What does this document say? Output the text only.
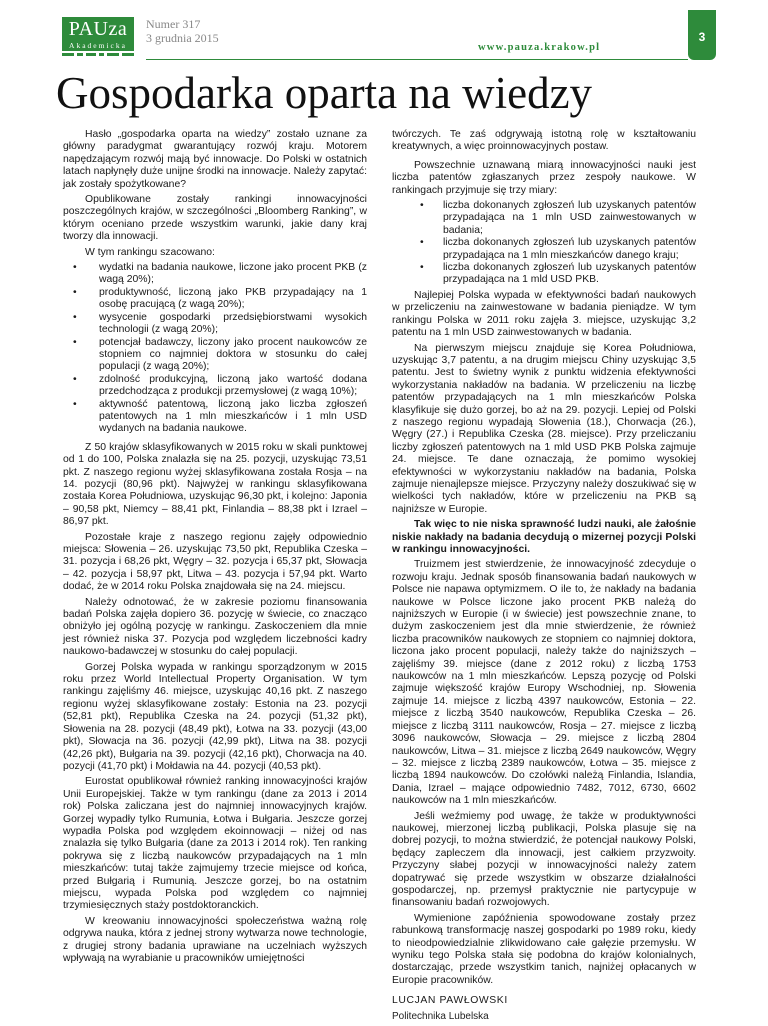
PAUza
Akademicka
Numer 317
3 grudnia 2015
www.pauza.krakow.pl
3
Gospodarka oparta na wiedzy

Hasło „gospodarka oparta na wiedzy” zostało uznane za główny paradygmat gwarantujący rozwój kraju. Motorem napędzającym rozwój mają być innowacje. Do Polski w ostatnich latach napłynęły duże unijne środki na innowacje. Należy zapytać: jak zostały spożytkowane?

Opublikowane zostały rankingi innowacyjności poszczególnych krajów, w szczególności „Bloomberg Ranking”, w którym oceniano przede wszystkim warunki, jakie dany kraj tworzy dla innowacji.

W tym rankingu szacowano:

• wydatki na badania naukowe, liczone jako procent PKB (z wagą 20%);
• produktywność, liczoną jako PKB przypadający na 1 osobę pracującą (z wagą 20%);
• wysycenie gospodarki przedsiębiorstwami wysokich technologii (z wagą 20%);
• potencjał badawczy, liczony jako procent naukowców ze stopniem co najmniej doktora w stosunku do całej populacji (z wagą 20%);
• zdolność produkcyjną, liczoną jako wartość dodana przedchodząca z produkcji przemysłowej (z wagą 10%);
• aktywność patentową, liczoną jako liczba zgłoszeń patentowych na 1 mln mieszkańców i 1 mln USD wydanych na badania naukowe.

Z 50 krajów sklasyfikowanych w 2015 roku w skali punktowej od 1 do 100, Polska znalazła się na 25. pozycji, uzyskując 73,51 pkt. Z naszego regionu wyżej sklasyfikowana została Rosja – na 14. pozycji (80,96 pkt). Najwyżej w rankingu sklasyfikowana została Korea Południowa, uzyskując 96,30 pkt, i kolejno: Japonia – 90,58 pkt, Niemcy – 88,41 pkt, Finlandia – 88,38 pkt i Izrael – 86,97 pkt.

Pozostałe kraje z naszego regionu zajęły odpowiednio miejsca: Słowenia – 26. uzyskując 73,50 pkt, Republika Czeska – 31. pozycja i 68,26 pkt, Węgry – 32. pozycja i 65,37 pkt, Słowacja – 42. pozycja i 58,97 pkt, Litwa – 43. pozycja i 57,94 pkt. Warto dodać, że w 2014 roku Polska znajdowała się na 24. miejscu.

Należy odnotować, że w zakresie poziomu finansowania badań Polska zajęła dopiero 36. pozycję w świecie, co znacząco obniżyło jej ogólną pozycję w rankingu. Zaskoczeniem dla mnie jest również niska 37. Pozycja pod względem liczebności kadry naukowo-badawczej w stosunku do całej populacji.

Gorzej Polska wypada w rankingu sporządzonym w 2015 roku przez World Intellectual Property Organisation. W tym rankingu zajęliśmy 46. miejsce, uzyskując 40,16 pkt. Z naszego regionu wyżej sklasyfikowane zostały: Estonia na 23. pozycji (52,81 pkt), Republika Czeska na 24. pozycji (51,32 pkt), Słowenia na 28. pozycji (48,49 pkt), Łotwa na 33. pozycji (43,00 pkt), Słowacja na 36. pozycji (42,99 pkt), Litwa na 38. pozycji (42,26 pkt), Bułgaria na 39. pozycji (42,16 pkt), Chorwacja na 40. pozycji (41,70 pkt) i Mołdawia na 44. pozycji (40,53 pkt).

Eurostat opublikował również ranking innowacyjności krajów Unii Europejskiej. Także w tym rankingu (dane za 2013 i 2014 rok) Polska zaliczana jest do najmniej innowacyjnych krajów. Gorzej wypadły tylko Rumunia, Łotwa i Bułgaria. Jeszcze gorzej wypadła Polska pod względem ekoinnowacji – niżej od nas znalazła się tylko Bułgaria (dane za 2013 i 2014 rok). Ten ranking pokrywa się z liczbą naukowców przypadających na 1 mln mieszkańców: tutaj także zajmujemy trzecie miejsce od końca, przed Bułgarią i Rumunią. Jeszcze gorzej, bo na ostatnim miejscu, wypada Polska pod względem co najmniej trzymiesięcznych staży postdoktoranckich.

W kreowaniu innowacyjności społeczeństwa ważną rolę odgrywa nauka, która z jednej strony wytwarza nowe technologie, z drugiej strony badania uprawiane na uczelniach wyższych wpływają na wyrabianie u pracowników umiejętności

twórczych. Te zaś odgrywają istotną rolę w kształtowaniu kreatywnych, a więc proinnowacyjnych postaw.

Powszechnie uznawaną miarą innowacyjności nauki jest liczba patentów zgłaszanych przez zespoły naukowe. W rankingach przyjmuje się trzy miary:

• liczba dokonanych zgłoszeń lub uzyskanych patentów przypadająca na 1 mln USD zainwestowanych w badania;
• liczba dokonanych zgłoszeń lub uzyskanych patentów przypadająca na 1 mln mieszkańców danego kraju;
• liczba dokonanych zgłoszeń lub uzyskanych patentów przypadająca na 1 mld USD PKB.

Najlepiej Polska wypada w efektywności badań naukowych w przeliczeniu na zainwestowane w badania pieniądze. W tym rankingu Polska w 2011 roku zajęła 3. miejsce, uzyskując 3,2 patentu na 1 mln USD zainwestowanych w badania.

Na pierwszym miejscu znajduje się Korea Południowa, uzyskując 3,7 patentu, a na drugim miejscu Chiny uzyskując 3,5 patentu. Jest to świetny wynik z punktu widzenia efektywności wykorzystania nakładów na badania. W przeliczeniu na liczbę patentów przypadających na 1 mln mieszkańców Polska klasyfikuje się dużo gorzej, bo aż na 29. pozycji. Lepiej od Polski z naszego regionu wypadają Słowenia (18.), Chorwacja (26.), Węgry (27.) i Republika Czeska (28. miejsce). Przy przeliczaniu liczby zgłoszeń patentowych na 1 mld USD PKB Polska zajmuje 24. miejsce. Te dane oznaczają, że pomimo wysokiej efektywności w wykorzystaniu nakładów na badania, Polska zajmuje nienajlepsze miejsce. Przyczyny należy doszukiwać się w wielkości tych nakładów, które w przeliczeniu na PKB są najniższe w Europie.

Tak więc to nie niska sprawność ludzi nauki, ale żałośnie niskie nakłady na badania decydują o mizernej pozycji Polski w rankingu innowacyjności.

Truizmem jest stwierdzenie, że innowacyjność zdecyduje o rozwoju kraju. Jednak sposób finansowania badań naukowych w Polsce nie napawa optymizmem. O ile to, że nakłady na badania naukowe w Polsce liczone jako procent PKB należą do najniższych w Europie (i w świecie) jest powszechnie znane, to dużym zaskoczeniem jest dla mnie stwierdzenie, że również liczba pracowników naukowych ze stopniem co najmniej doktora, liczona jako procent populacji, należy także do najniższych – zajęliśmy 39. miejsce (dane z 2012 roku) z liczbą 1753 naukowców na 1 mln mieszkańców. Lepszą pozycję od Polski zajmuje większość krajów Europy Wschodniej, np. Słowenia zajmuje 14. miejsce z liczbą 4397 naukowców, Estonia – 22. miejsce z liczbą 3540 naukowców, Republika Czeska – 26. miejsce z liczbą 3111 naukowców, Rosja – 27. miejsce z liczbą 3096 naukowców, Słowacja – 29. miejsce z liczbą 2804 naukowców, Litwa – 31. miejsce z liczbą 2649 naukowców, Węgry – 32. miejsce z liczbą 2389 naukowców, Łotwa – 35. miejsce z liczbą 1894 naukowców. Do czołówki należą Finlandia, Islandia, Dania, Izrael – mające odpowiednio 7482, 7012, 6730, 6602 naukowców na 1 mln mieszkańców.

Jeśli weźmiemy pod uwagę, że także w produktywności naukowej, mierzonej liczbą publikacji, Polska plasuje się na dobrej pozycji, to można stwierdzić, że potencjał naukowy Polski, będący zapleczem dla innowacji, jest całkiem przyzwoity. Przyczyny słabej pozycji w innowacyjności należy zatem dopatrywać się przede wszystkim w obszarze działalności gospodarczej, np. przemysł praktycznie nie partycypuje w finansowaniu badań rozwojowych.

Wymienione zapóźnienia spowodowane zostały przez rabunkową transformację naszej gospodarki po 1989 roku, kiedy to nieodpowiedzialnie zlikwidowano całe gałęzie przemysłu. W wyniku tego Polska stała się podobna do krajów kolonialnych, dostarczając, przede wszystkim tanich, najniżej opłacanych w Europie pracowników.

LUCJAN PAWŁOWSKI

Politechnika Lubelska
